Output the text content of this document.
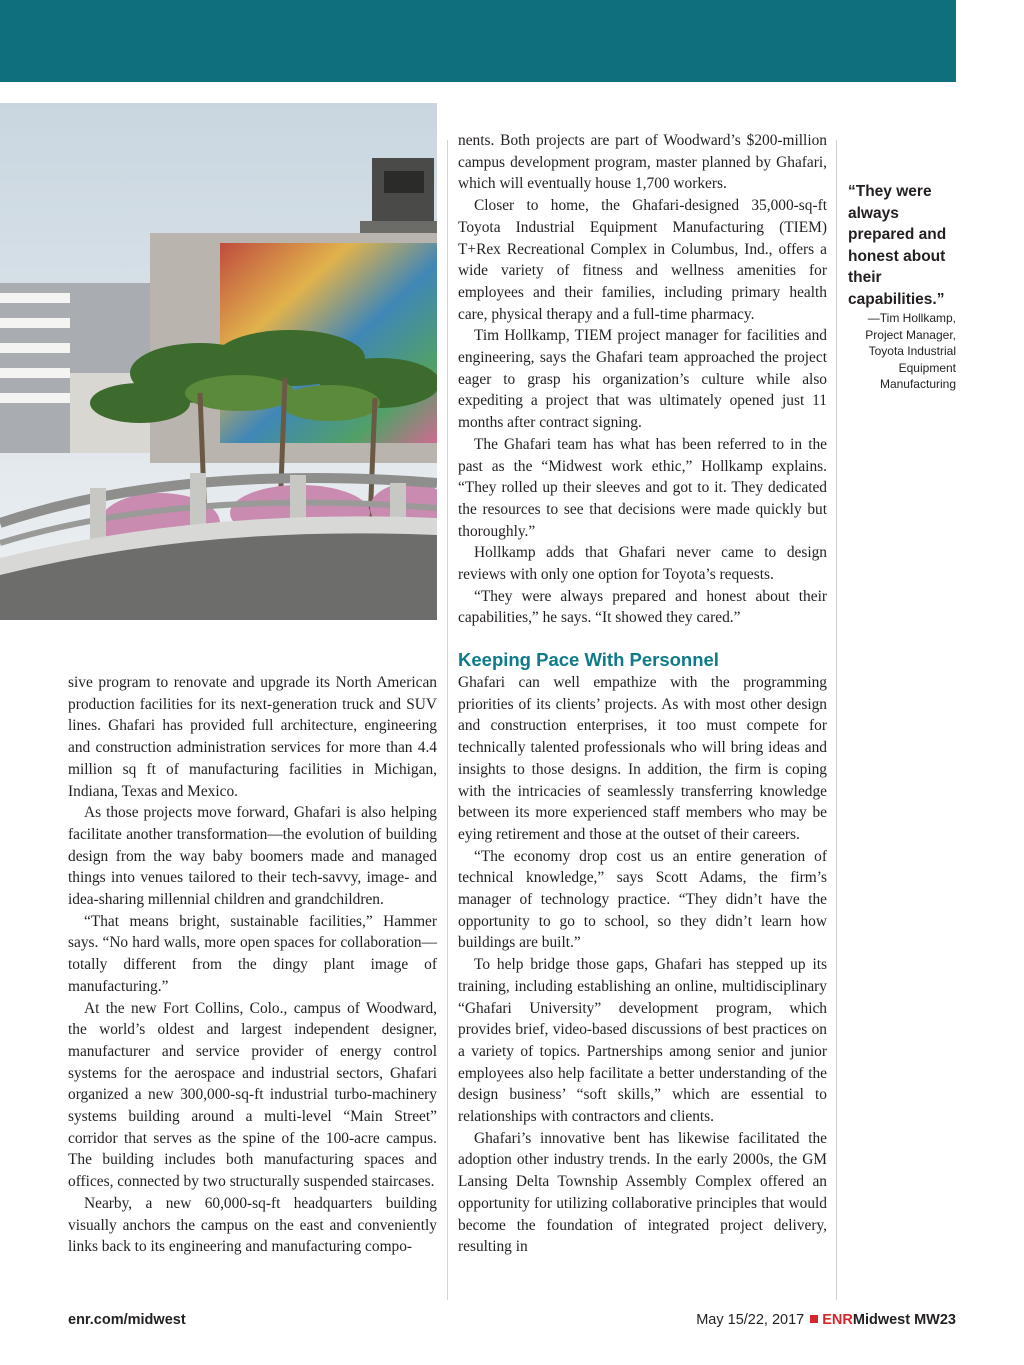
sive program to renovate and upgrade its North American production facilities for its next-generation truck and SUV lines. Ghafari has provided full architecture, engineering and construction administration services for more than 4.4 million sq ft of manufacturing facilities in Michigan, Indiana, Texas and Mexico.

As those projects move forward, Ghafari is also helping facilitate another transformation—the evolution of building design from the way baby boomers made and managed things into venues tailored to their tech-savvy, image- and idea-sharing millennial children and grandchildren.

“That means bright, sustainable facilities,” Hammer says. “No hard walls, more open spaces for collaboration—totally different from the dingy plant image of manufacturing.”

At the new Fort Collins, Colo., campus of Woodward, the world’s oldest and largest independent designer, manufacturer and service provider of energy control systems for the aerospace and industrial sectors, Ghafari organized a new 300,000-sq-ft industrial turbo-machinery systems building around a multi-level “Main Street” corridor that serves as the spine of the 100-acre campus. The building includes both manufacturing spaces and offices, connected by two structurally suspended staircases.

Nearby, a new 60,000-sq-ft headquarters building visually anchors the campus on the east and conveniently links back to its engineering and manufacturing compo-

nents. Both projects are part of Woodward’s $200-million campus development program, master planned by Ghafari, which will eventually house 1,700 workers.

Closer to home, the Ghafari-designed 35,000-sq-ft Toyota Industrial Equipment Manufacturing (TIEM) T+Rex Recreational Complex in Columbus, Ind., offers a wide variety of fitness and wellness amenities for employees and their families, including primary health care, physical therapy and a full-time pharmacy.

Tim Hollkamp, TIEM project manager for facilities and engineering, says the Ghafari team approached the project eager to grasp his organization’s culture while also expediting a project that was ultimately opened just 11 months after contract signing.

The Ghafari team has what has been referred to in the past as the “Midwest work ethic,” Hollkamp explains. “They rolled up their sleeves and got to it. They dedicated the resources to see that decisions were made quickly but thoroughly.”

Hollkamp adds that Ghafari never came to design reviews with only one option for Toyota’s requests.

“They were always prepared and honest about their capabilities,” he says. “It showed they cared.”

Keeping Pace With Personnel

Ghafari can well empathize with the programming priorities of its clients’ projects. As with most other design and construction enterprises, it too must compete for technically talented professionals who will bring ideas and insights to those designs. In addition, the firm is coping with the intricacies of seamlessly transferring knowledge between its more experienced staff members who may be eying retirement and those at the outset of their careers.

“The economy drop cost us an entire generation of technical knowledge,” says Scott Adams, the firm’s manager of technology practice. “They didn’t have the opportunity to go to school, so they didn’t learn how buildings are built.”

To help bridge those gaps, Ghafari has stepped up its training, including establishing an online, multidisciplinary “Ghafari University” development program, which provides brief, video-based discussions of best practices on a variety of topics. Partnerships among senior and junior employees also help facilitate a better understanding of the design business’ “soft skills,” which are essential to relationships with contractors and clients.

Ghafari’s innovative bent has likewise facilitated the adoption other industry trends. In the early 2000s, the GM Lansing Delta Township Assembly Complex offered an opportunity for utilizing collaborative principles that would become the foundation of integrated project delivery, resulting in

“They were always prepared and honest about their capabilities.”
—Tim Hollkamp, Project Manager, Toyota Industrial Equipment Manufacturing
enr.com/midwest	May 15/22, 2017 ENRMidwest MW23
